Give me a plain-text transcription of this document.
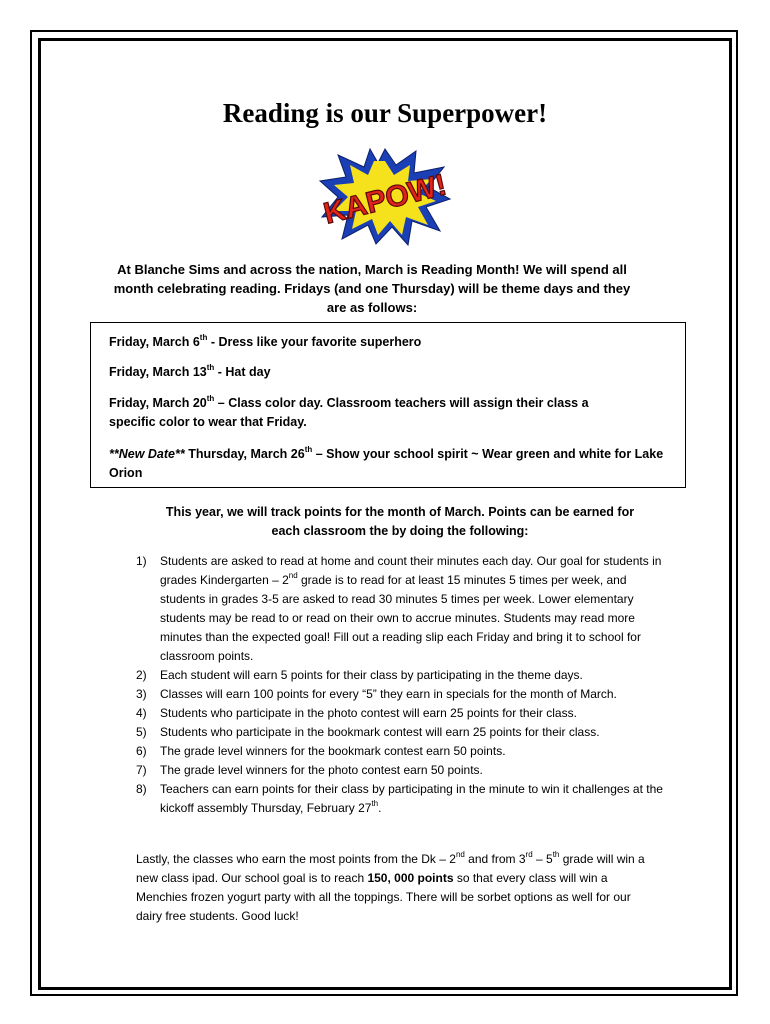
Reading is our Superpower!
KAPOW!
At Blanche Sims and across the nation, March is Reading Month! We will spend all month celebrating reading. Fridays (and one Thursday) will be theme days and they are as follows:
Friday, March 6th - Dress like your favorite superhero
Friday, March 13th - Hat day
Friday, March 20th – Class color day. Classroom teachers will assign their class a specific color to wear that Friday.
**New Date** Thursday, March 26th – Show your school spirit ~ Wear green and white for Lake Orion
This year, we will track points for the month of March. Points can be earned for each classroom the by doing the following:
1) Students are asked to read at home and count their minutes each day. Our goal for students in grades Kindergarten – 2nd grade is to read for at least 15 minutes 5 times per week, and students in grades 3-5 are asked to read 30 minutes 5 times per week. Lower elementary students may be read to or read on their own to accrue minutes. Students may read more minutes than the expected goal! Fill out a reading slip each Friday and bring it to school for classroom points.
2) Each student will earn 5 points for their class by participating in the theme days.
3) Classes will earn 100 points for every “5” they earn in specials for the month of March.
4) Students who participate in the photo contest will earn 25 points for their class.
5) Students who participate in the bookmark contest will earn 25 points for their class.
6) The grade level winners for the bookmark contest earn 50 points.
7) The grade level winners for the photo contest earn 50 points.
8) Teachers can earn points for their class by participating in the minute to win it challenges at the kickoff assembly Thursday, February 27th.
Lastly, the classes who earn the most points from the Dk – 2nd and from 3rd – 5th grade will win a new class ipad. Our school goal is to reach 150, 000 points so that every class will win a Menchies frozen yogurt party with all the toppings. There will be sorbet options as well for our dairy free students. Good luck!
